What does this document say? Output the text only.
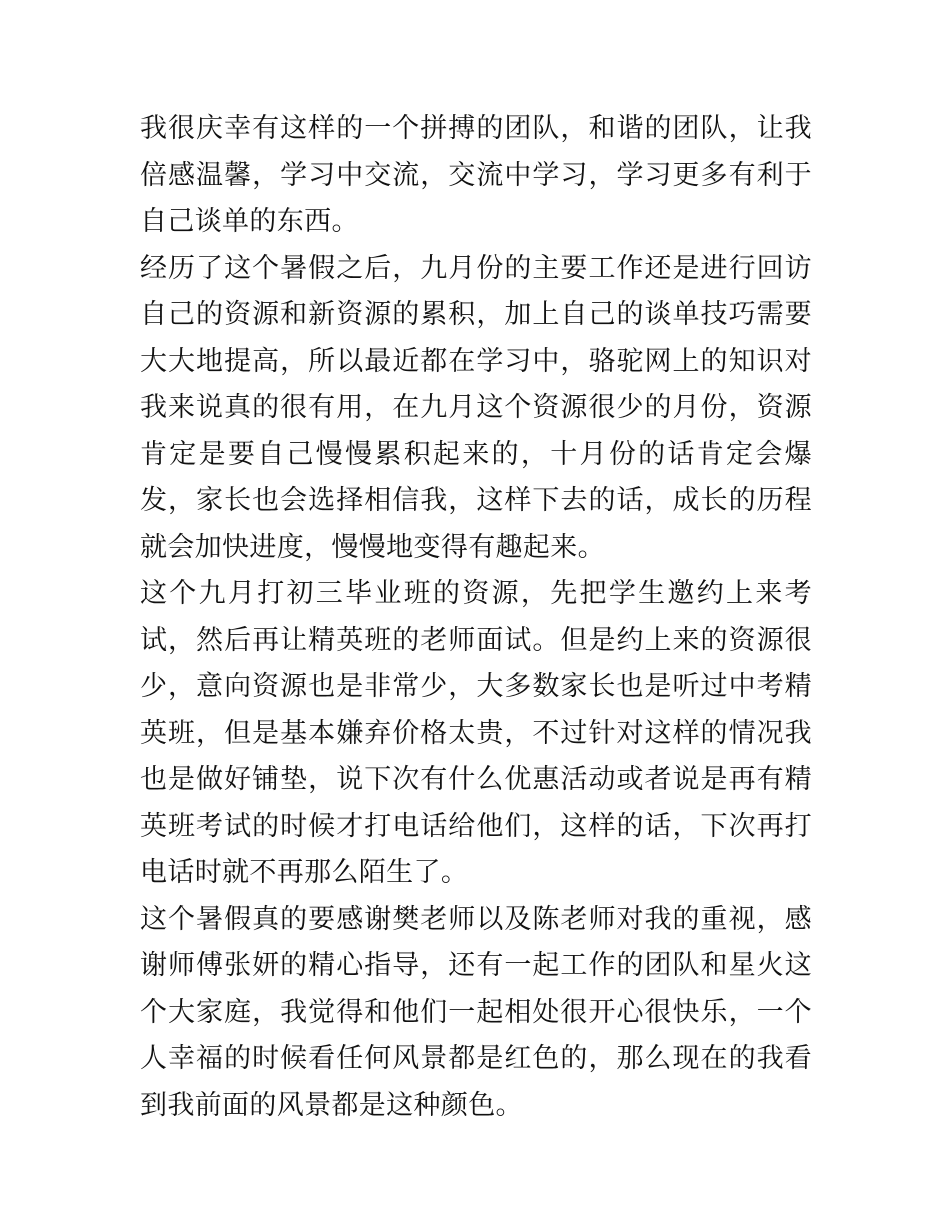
我很庆幸有这样的一个拼搏的团队，和谐的团队，让我倍感温馨，学习中交流，交流中学习，学习更多有利于自己谈单的东西。

经历了这个暑假之后，九月份的主要工作还是进行回访自己的资源和新资源的累积，加上自己的谈单技巧需要大大地提高，所以最近都在学习中，骆驼网上的知识对我来说真的很有用，在九月这个资源很少的月份，资源肯定是要自己慢慢累积起来的，十月份的话肯定会爆发，家长也会选择相信我，这样下去的话，成长的历程就会加快进度，慢慢地变得有趣起来。

这个九月打初三毕业班的资源，先把学生邀约上来考试，然后再让精英班的老师面试。但是约上来的资源很少，意向资源也是非常少，大多数家长也是听过中考精英班，但是基本嫌弃价格太贵，不过针对这样的情况我也是做好铺垫，说下次有什么优惠活动或者说是再有精英班考试的时候才打电话给他们，这样的话，下次再打电话时就不再那么陌生了。

这个暑假真的要感谢樊老师以及陈老师对我的重视，感谢师傅张妍的精心指导，还有一起工作的团队和星火这个大家庭，我觉得和他们一起相处很开心很快乐，一个人幸福的时候看任何风景都是红色的，那么现在的我看到我前面的风景都是这种颜色。
